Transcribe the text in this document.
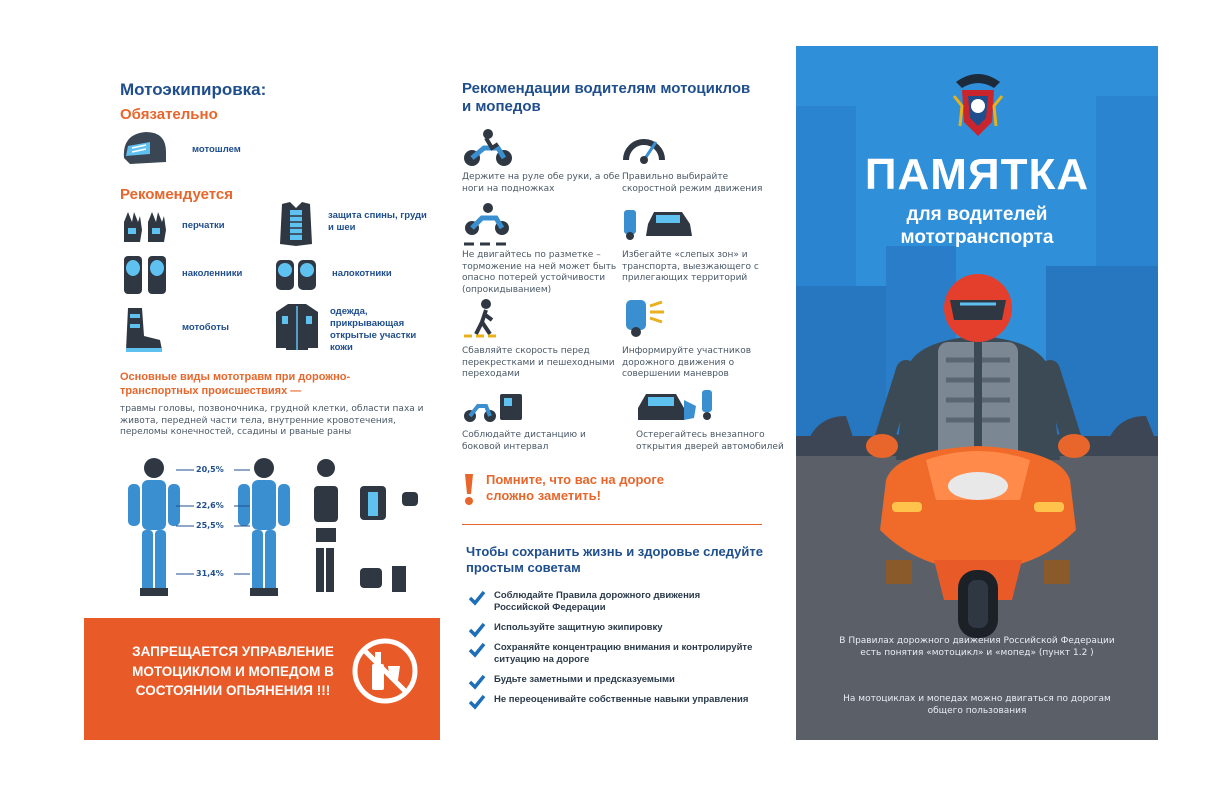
Мотоэкипировка:
Обязательно
мотошлем
Рекомендуется
перчатки
защита спины, груди и шеи
наколенники	налокотники
мотоботы
одежда, прикрывающая открытые участки кожи
Основные виды мототравм при дорожно-транспортных происшествиях —
травмы головы, позвоночника, грудной клетки, области паха и живота, передней части тела, внутренние кровотечения, переломы конечностей, ссадины и рваные раны
20,5%
22,6%
25,5%
31,4%
ЗАПРЕЩАЕТСЯ УПРАВЛЕНИЕ МОТОЦИКЛОМ И МОПЕДОМ В СОСТОЯНИИ ОПЬЯНЕНИЯ !!!
Рекомендации водителям мотоциклов и мопедов
Держите на руле обе руки, а обе ноги на подножках
Правильно выбирайте скоростной режим движения
Не двигайтесь по разметке – торможение на ней может быть опасно потерей устойчивости (опрокидыванием)
Избегайте «слепых зон» и транспорта, выезжающего с прилегающих территорий
Сбавляйте скорость перед перекрестками и пешеходными переходами
Информируйте участников дорожного движения о совершении маневров
Соблюдайте дистанцию и боковой интервал
Остерегайтесь внезапного открытия дверей автомобилей
Помните, что вас на дороге сложно заметить!
Чтобы сохранить жизнь и здоровье следуйте простым советам
Соблюдайте Правила дорожного движения Российской Федерации
Используйте защитную экипировку
Сохраняйте концентрацию внимания и контролируйте ситуацию на дороге
Будьте заметными и предсказуемыми
Не переоценивайте собственные навыки управления
ПАМЯТКА
для водителей
мототранспорта
В Правилах дорожного движения Российской Федерации есть понятия «мотоцикл» и «мопед» (пункт 1.2 )
На мотоциклах и мопедах можно двигаться по дорогам общего пользования
